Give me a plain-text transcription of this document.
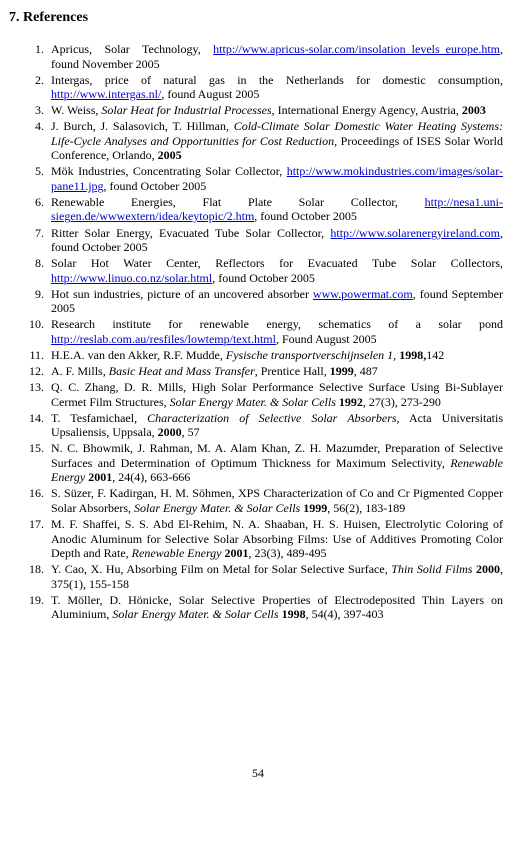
7. References
1. Apricus, Solar Technology, http://www.apricus-solar.com/insolation_levels_europe.htm, found November 2005
2. Intergas, price of natural gas in the Netherlands for domestic consumption, http://www.intergas.nl/, found August 2005
3. W. Weiss, Solar Heat for Industrial Processes, International Energy Agency, Austria, 2003
4. J. Burch, J. Salasovich, T. Hillman, Cold-Climate Solar Domestic Water Heating Systems: Life-Cycle Analyses and Opportunities for Cost Reduction, Proceedings of ISES Solar World Conference, Orlando, 2005
5. Mök Industries, Concentrating Solar Collector, http://www.mokindustries.com/images/solar-pane11.jpg, found October 2005
6. Renewable Energies, Flat Plate Solar Collector, http://nesa1.uni-siegen.de/wwwextern/idea/keytopic/2.htm, found October 2005
7. Ritter Solar Energy, Evacuated Tube Solar Collector, http://www.solarenergyireland.com, found October 2005
8. Solar Hot Water Center, Reflectors for Evacuated Tube Solar Collectors, http://www.linuo.co.nz/solar.html, found October 2005
9. Hot sun industries, picture of an uncovered absorber www.powermat.com, found September 2005
10. Research institute for renewable energy, schematics of a solar pond http://reslab.com.au/resfiles/lowtemp/text.html, Found August 2005
11. H.E.A. van den Akker, R.F. Mudde, Fysische transportverschijnselen 1, 1998,142
12. A. F. Mills, Basic Heat and Mass Transfer, Prentice Hall, 1999, 487
13. Q. C. Zhang, D. R. Mills, High Solar Performance Selective Surface Using Bi-Sublayer Cermet Film Structures, Solar Energy Mater. & Solar Cells 1992, 27(3), 273-290
14. T. Tesfamichael, Characterization of Selective Solar Absorbers, Acta Universitatis Upsaliensis, Uppsala, 2000, 57
15. N. C. Bhowmik, J. Rahman, M. A. Alam Khan, Z. H. Mazumder, Preparation of Selective Surfaces and Determination of Optimum Thickness for Maximum Selectivity, Renewable Energy 2001, 24(4), 663-666
16. S. Süzer, F. Kadirgan, H. M. Söhmen, XPS Characterization of Co and Cr Pigmented Copper Solar Absorbers, Solar Energy Mater. & Solar Cells 1999, 56(2), 183-189
17. M. F. Shaffei, S. S. Abd El-Rehim, N. A. Shaaban, H. S. Huisen, Electrolytic Coloring of Anodic Aluminum for Selective Solar Absorbing Films: Use of Additives Promoting Color Depth and Rate, Renewable Energy 2001, 23(3), 489-495
18. Y. Cao, X. Hu, Absorbing Film on Metal for Solar Selective Surface, Thin Solid Films 2000, 375(1), 155-158
19. T. Möller, D. Hönicke, Solar Selective Properties of Electrodeposited Thin Layers on Aluminium, Solar Energy Mater. & Solar Cells 1998, 54(4), 397-403
54
